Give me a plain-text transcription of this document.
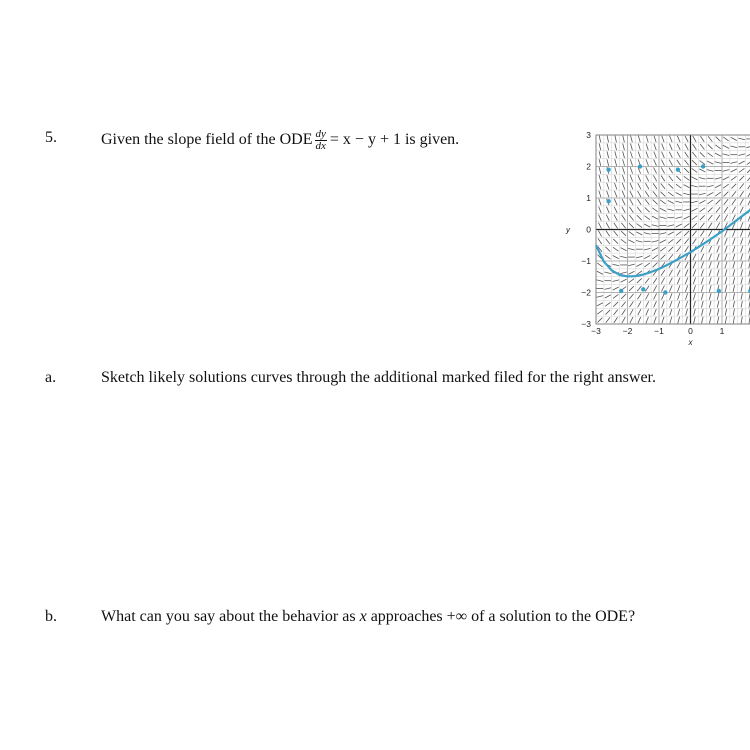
5.	Given the slope field of the ODE $\frac{dy}{dx} = x - y + 1$ is given.	3
2
1
0
−1
−2
−3
−3	−2	−1	0	1
x
y
a.	Sketch likely solutions curves through the additional marked filed for the right answer.
b.	What can you say about the behavior as x approaches +∞ of a solution to the ODE?
